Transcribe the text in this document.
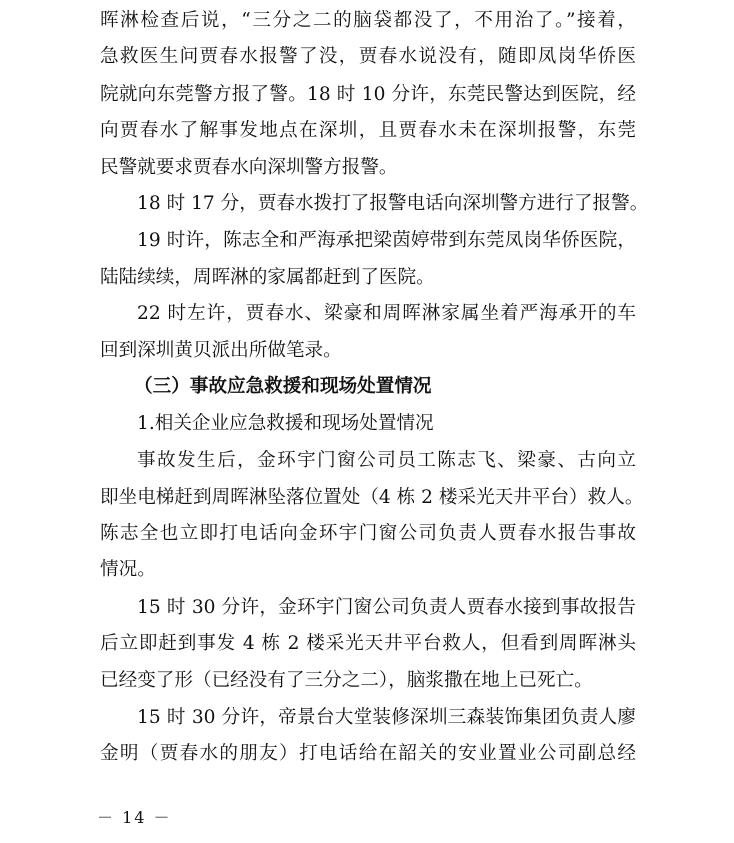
晖淋检查后说，“三分之二的脑袋都没了，不用治了。”接着，
急救医生问贾春水报警了没，贾春水说没有，随即凤岗华侨医
院就向东莞警方报了警。18 时 10 分许，东莞民警达到医院，经
向贾春水了解事发地点在深圳，且贾春水未在深圳报警，东莞
民警就要求贾春水向深圳警方报警。
18 时 17 分，贾春水拨打了报警电话向深圳警方进行了报警。
19 时许，陈志全和严海承把梁茵婷带到东莞凤岗华侨医院，
陆陆续续，周晖淋的家属都赶到了医院。
22 时左许，贾春水、梁豪和周晖淋家属坐着严海承开的车
回到深圳黄贝派出所做笔录。
（三）事故应急救援和现场处置情况
1.相关企业应急救援和现场处置情况
事故发生后，金环宇门窗公司员工陈志飞、梁豪、古向立
即坐电梯赶到周晖淋坠落位置处（4 栋 2 楼采光天井平台）救人。
陈志全也立即打电话向金环宇门窗公司负责人贾春水报告事故
情况。
15 时 30 分许，金环宇门窗公司负责人贾春水接到事故报告
后立即赶到事发 4 栋 2 楼采光天井平台救人，但看到周晖淋头
已经变了形（已经没有了三分之二），脑浆撒在地上已死亡。
15 时 30 分许，帝景台大堂装修深圳三森装饰集团负责人廖
金明（贾春水的朋友）打电话给在韶关的安业置业公司副总经
－ 14 －
